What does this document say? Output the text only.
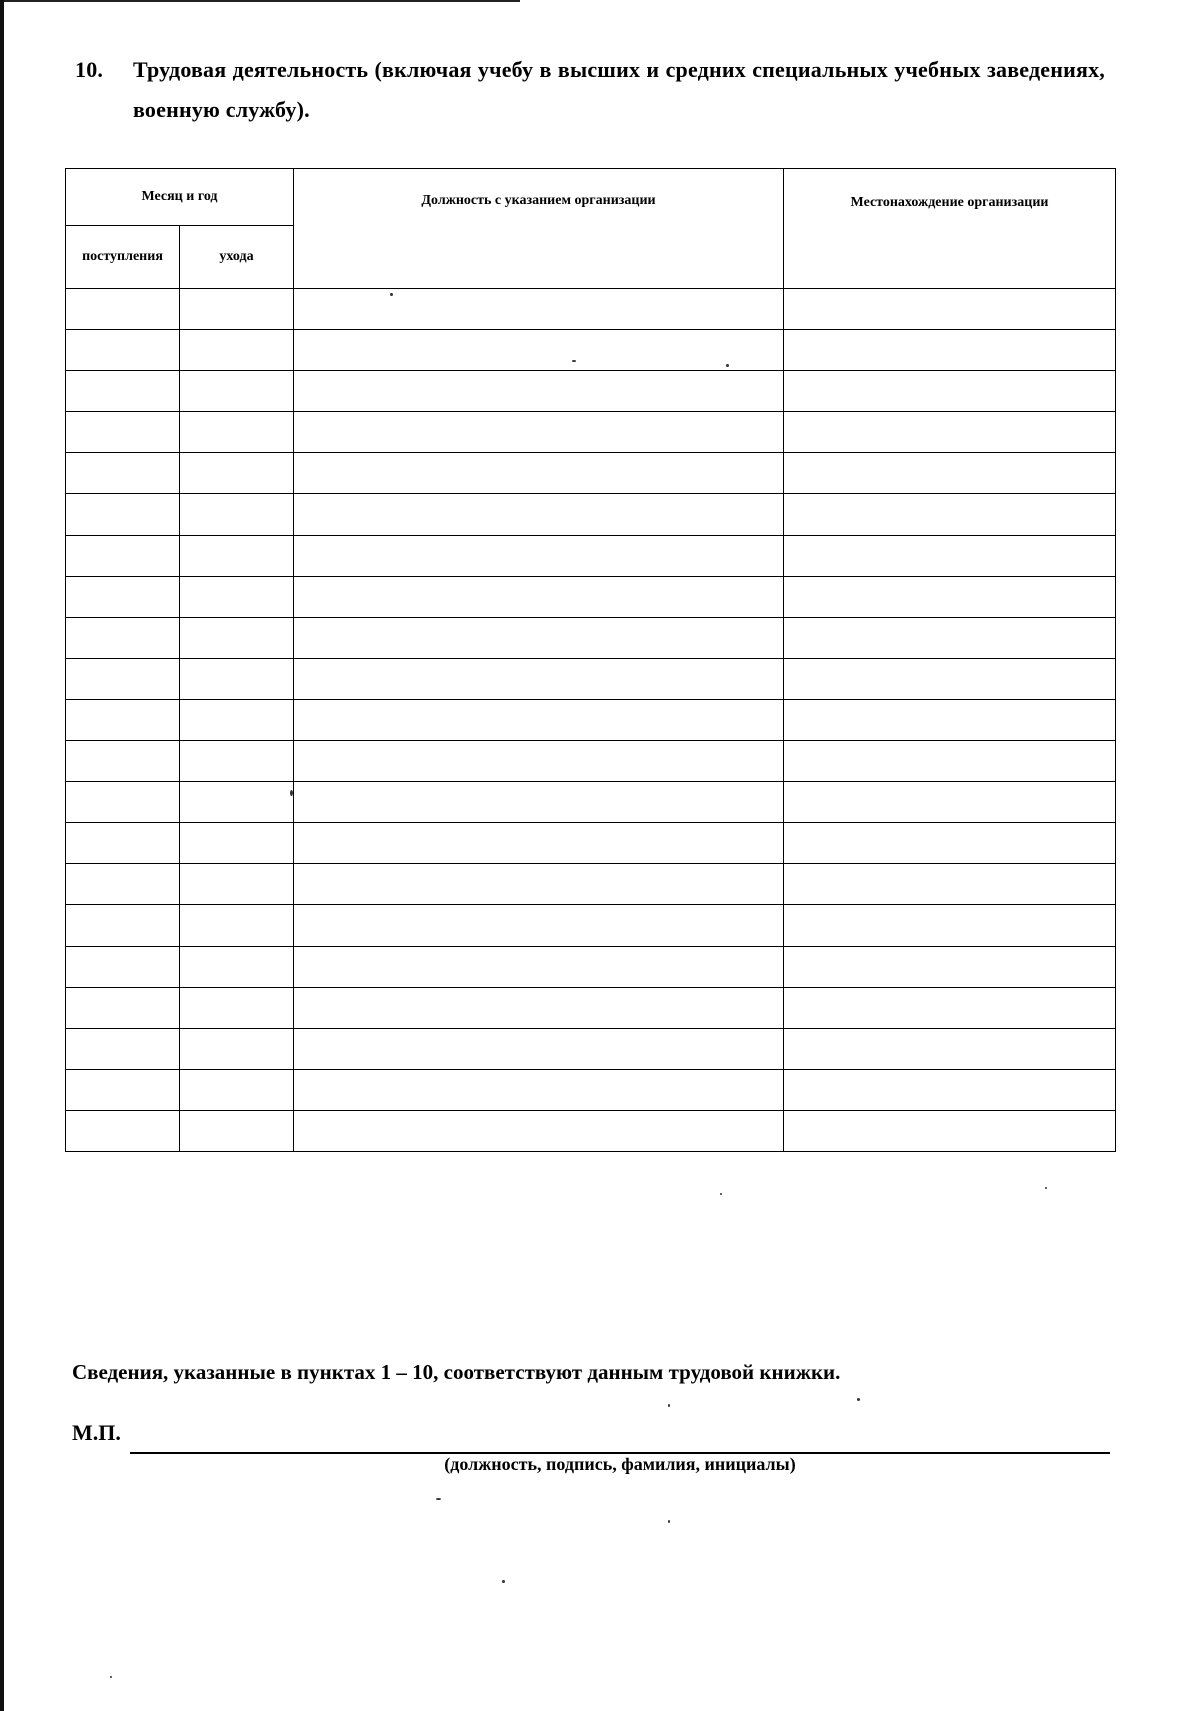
10. Трудовая деятельность (включая учебу в высших и средних специальных учебных заведениях, военную службу).
Месяц и год		Должность с указанием организации	Местонахождение организации
поступления	ухода		

Сведения, указанные в пунктах 1 – 10, соответствуют данным трудовой книжки.
М.П.
(должность, подпись, фамилия, инициалы)
